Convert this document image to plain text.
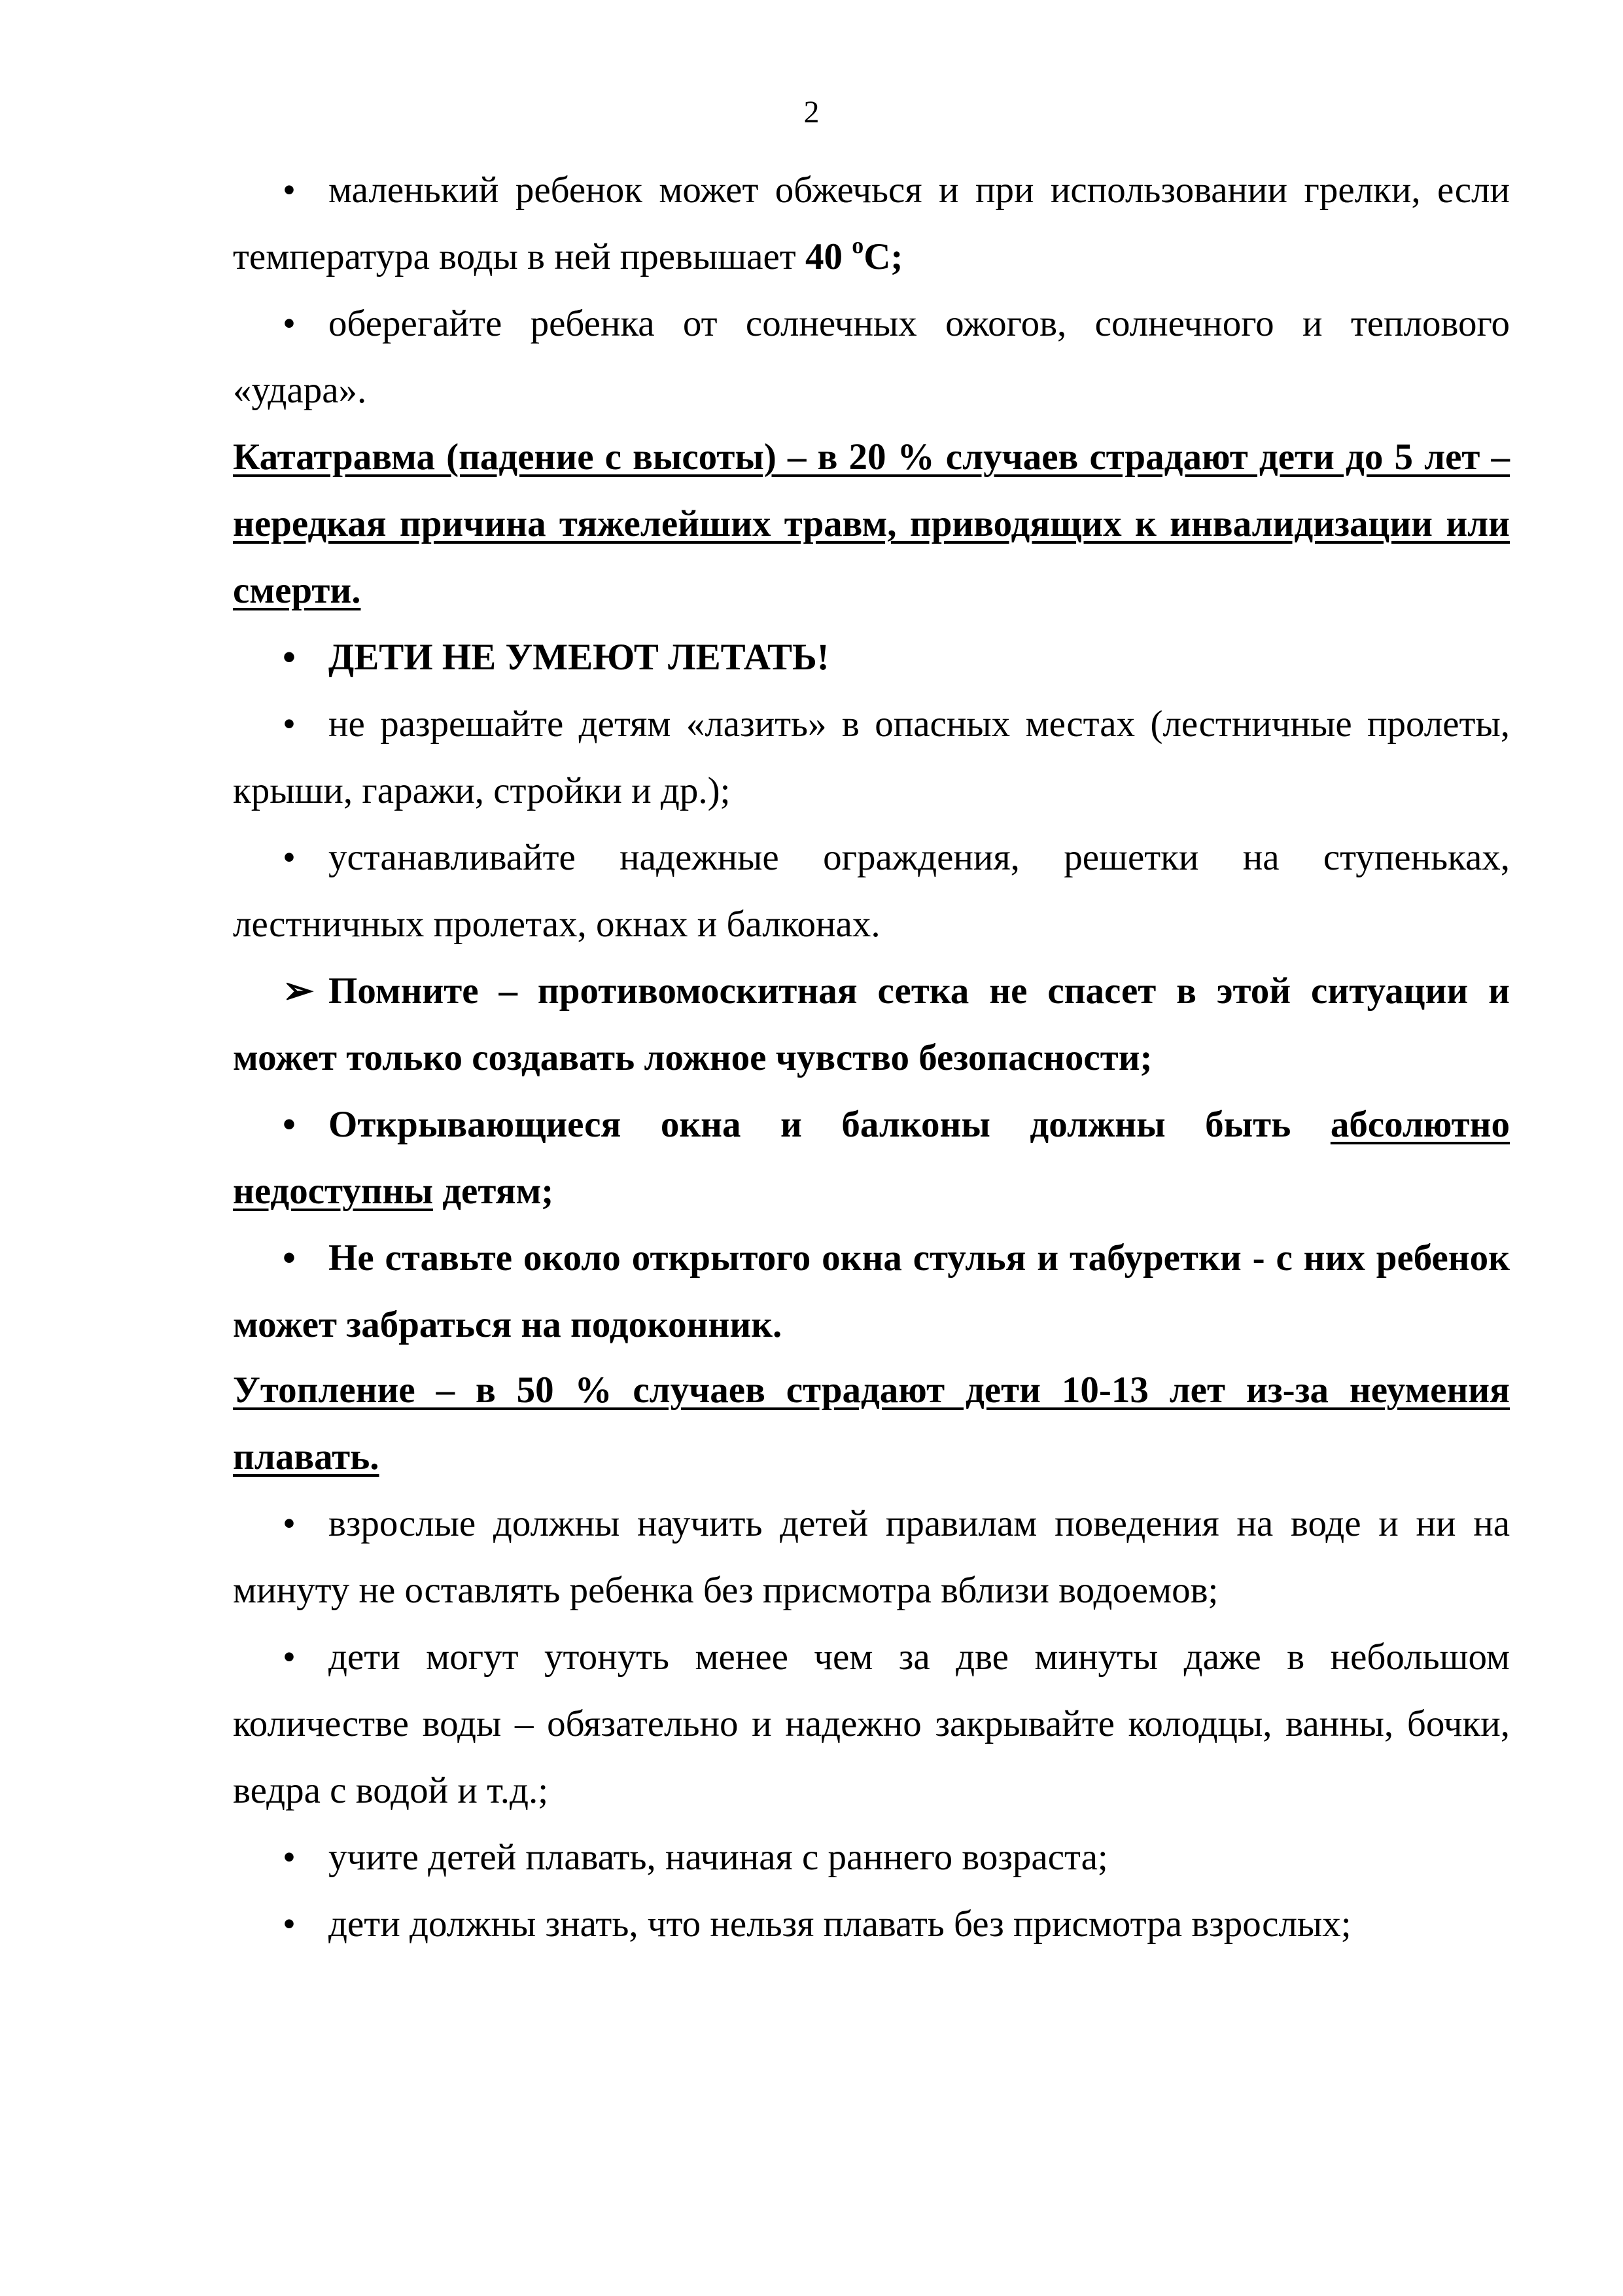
2
• маленький ребенок может обжечься и при использовании грелки, если температура воды в ней превышает 40 $^о$С;
• оберегайте ребенка от солнечных ожогов, солнечного и теплового «удара».
Кататравма (падение с высоты) – в 20 % случаев страдают дети до 5 лет – нередкая причина тяжелейших травм, приводящих к инвалидизации или смерти.
• ДЕТИ НЕ УМЕЮТ ЛЕТАТЬ!
• не разрешайте детям «лазить» в опасных местах (лестничные пролеты, крыши, гаражи, стройки и др.);
• устанавливайте надежные ограждения, решетки на ступеньках, лестничных пролетах, окнах и балконах.
➢ Помните – противомоскитная сетка не спасет в этой ситуации и может только создавать ложное чувство безопасности;
• Открывающиеся окна и балконы должны быть абсолютно недоступны детям;
• Не ставьте около открытого окна стулья и табуретки - с них ребенок может забраться на подоконник.
Утопление – в 50 % случаев страдают дети 10-13 лет из-за неумения плавать.
• взрослые должны научить детей правилам поведения на воде и ни на минуту не оставлять ребенка без присмотра вблизи водоемов;
• дети могут утонуть менее чем за две минуты даже в небольшом количестве воды – обязательно и надежно закрывайте колодцы, ванны, бочки, ведра с водой и т.д.;
• учите детей плавать, начиная с раннего возраста;
• дети должны знать, что нельзя плавать без присмотра взрослых;
